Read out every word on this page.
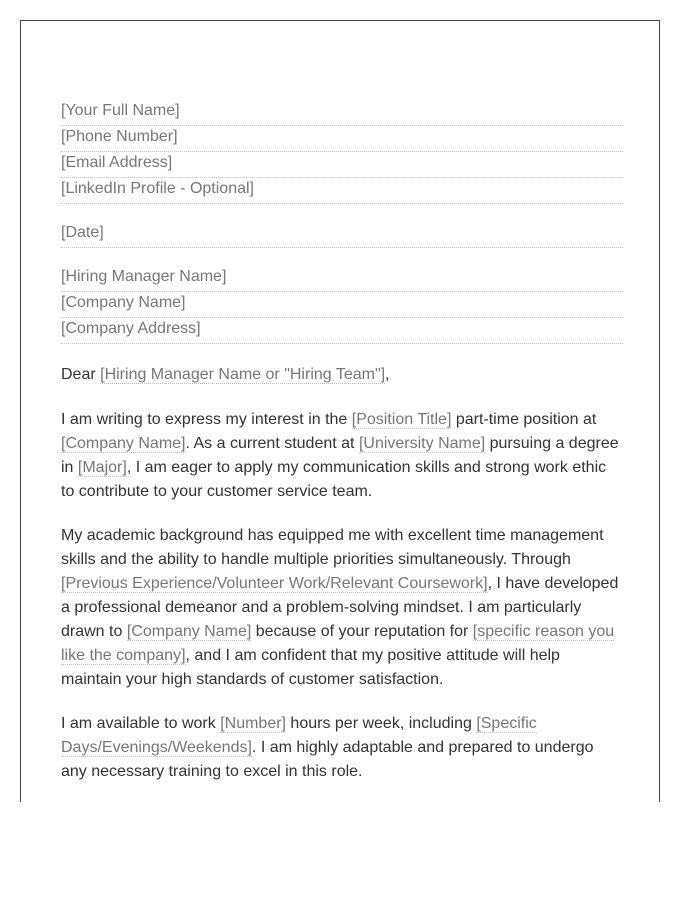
[Your Full Name]
[Phone Number]
[Email Address]
[LinkedIn Profile - Optional]
[Date]
[Hiring Manager Name]
[Company Name]
[Company Address]
Dear [Hiring Manager Name or "Hiring Team"],

I am writing to express my interest in the [Position Title] part-time position at [Company Name]. As a current student at [University Name] pursuing a degree in [Major], I am eager to apply my communication skills and strong work ethic to contribute to your customer service team.

My academic background has equipped me with excellent time management skills and the ability to handle multiple priorities simultaneously. Through [Previous Experience/Volunteer Work/Relevant Coursework], I have developed a professional demeanor and a problem-solving mindset. I am particularly drawn to [Company Name] because of your reputation for [specific reason you like the company], and I am confident that my positive attitude will help maintain your high standards of customer satisfaction.

I am available to work [Number] hours per week, including [Specific Days/Evenings/Weekends]. I am highly adaptable and prepared to undergo any necessary training to excel in this role.
